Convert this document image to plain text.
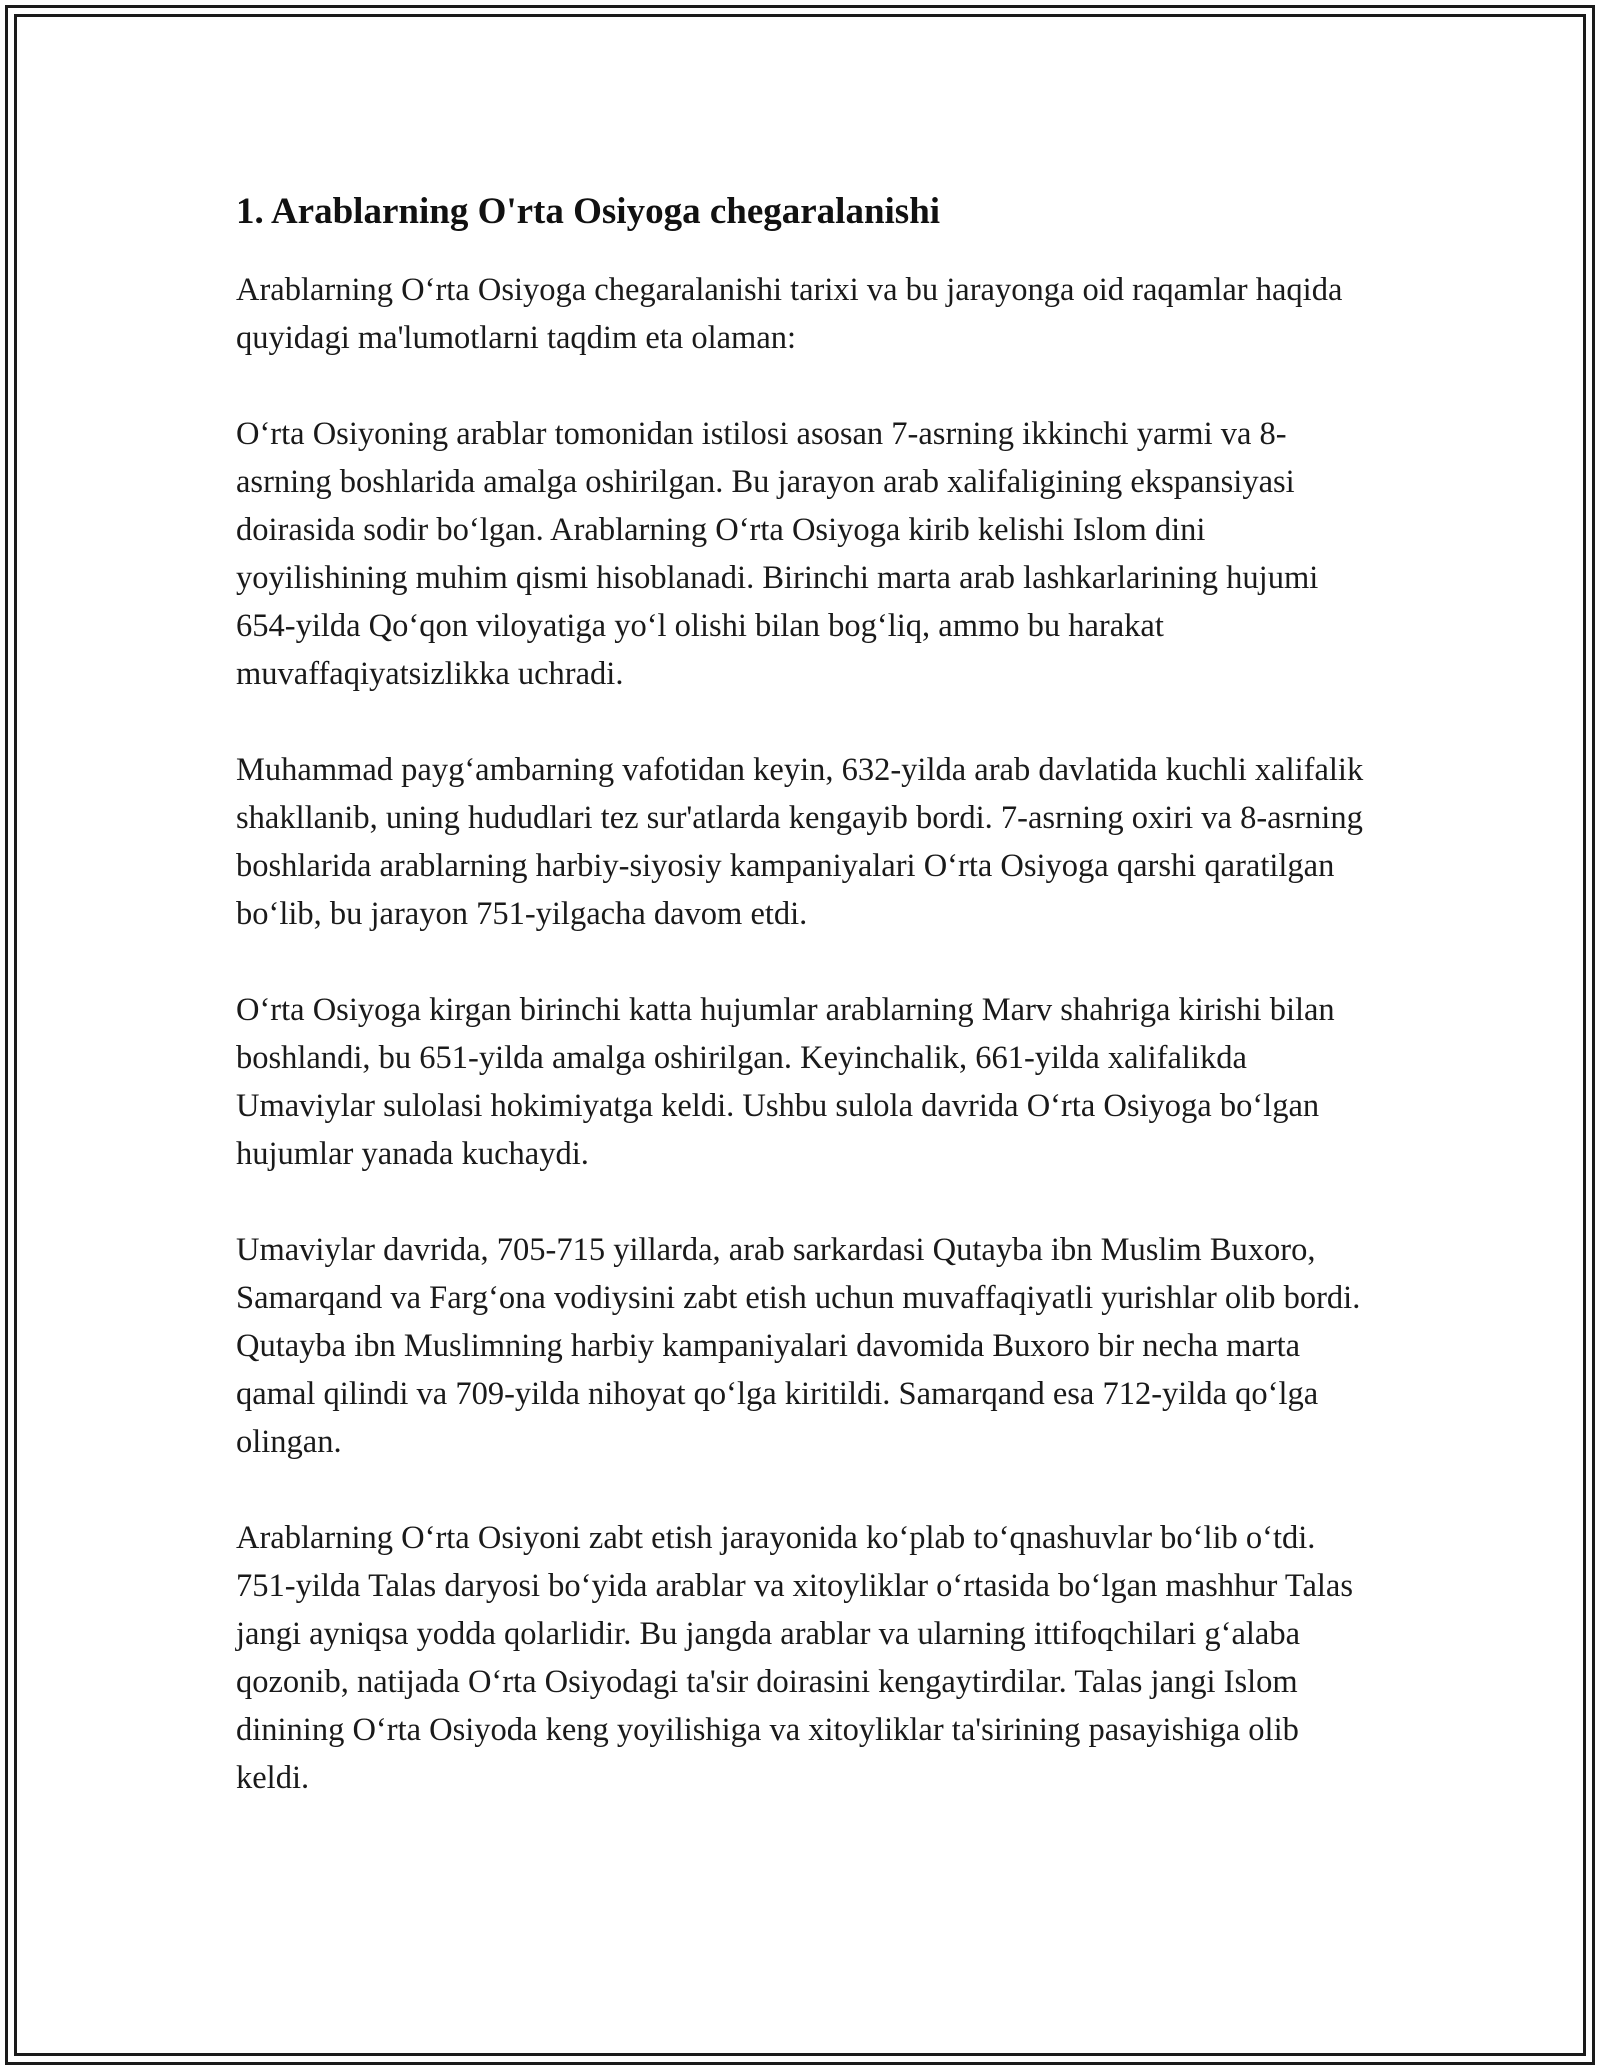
1. Arablarning O'rta Osiyoga chegaralanishi

Arablarning O‘rta Osiyoga chegaralanishi tarixi va bu jarayonga oid raqamlar haqida quyidagi ma'lumotlarni taqdim eta olaman:

O‘rta Osiyoning arablar tomonidan istilosi asosan 7-asrning ikkinchi yarmi va 8-asrning boshlarida amalga oshirilgan. Bu jarayon arab xalifaligining ekspansiyasi doirasida sodir bo‘lgan. Arablarning O‘rta Osiyoga kirib kelishi Islom dini yoyilishining muhim qismi hisoblanadi. Birinchi marta arab lashkarlarining hujumi 654-yilda Qo‘qon viloyatiga yo‘l olishi bilan bog‘liq, ammo bu harakat muvaffaqiyatsizlikka uchradi.

Muhammad payg‘ambarning vafotidan keyin, 632-yilda arab davlatida kuchli xalifalik shakllanib, uning hududlari tez sur'atlarda kengayib bordi. 7-asrning oxiri va 8-asrning boshlarida arablarning harbiy-siyosiy kampaniyalari O‘rta Osiyoga qarshi qaratilgan bo‘lib, bu jarayon 751-yilgacha davom etdi.

O‘rta Osiyoga kirgan birinchi katta hujumlar arablarning Marv shahriga kirishi bilan boshlandi, bu 651-yilda amalga oshirilgan. Keyinchalik, 661-yilda xalifalikda Umaviylar sulolasi hokimiyatga keldi. Ushbu sulola davrida O‘rta Osiyoga bo‘lgan hujumlar yanada kuchaydi.

Umaviylar davrida, 705-715 yillarda, arab sarkardasi Qutayba ibn Muslim Buxoro, Samarqand va Farg‘ona vodiysini zabt etish uchun muvaffaqiyatli yurishlar olib bordi. Qutayba ibn Muslimning harbiy kampaniyalari davomida Buxoro bir necha marta qamal qilindi va 709-yilda nihoyat qo‘lga kiritildi. Samarqand esa 712-yilda qo‘lga olingan.

Arablarning O‘rta Osiyoni zabt etish jarayonida ko‘plab to‘qnashuvlar bo‘lib o‘tdi. 751-yilda Talas daryosi bo‘yida arablar va xitoyliklar o‘rtasida bo‘lgan mashhur Talas jangi ayniqsa yodda qolarlidir. Bu jangda arablar va ularning ittifoqchilari g‘alaba qozonib, natijada O‘rta Osiyodagi ta'sir doirasini kengaytirdilar. Talas jangi Islom dinining O‘rta Osiyoda keng yoyilishiga va xitoyliklar ta'sirining pasayishiga olib keldi.
